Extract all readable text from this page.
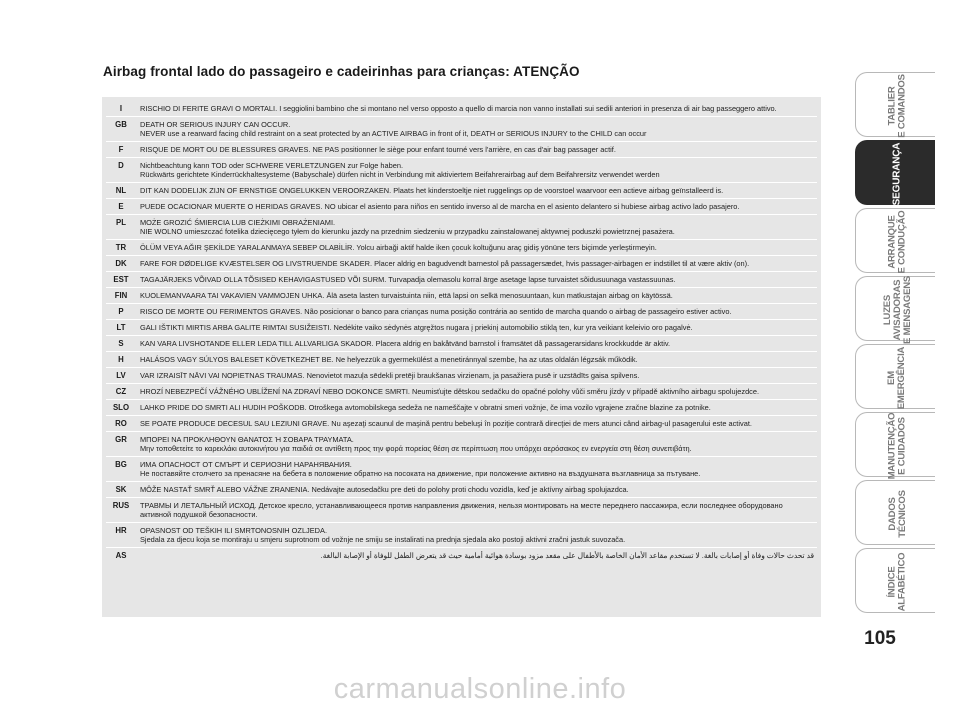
Airbag frontal lado do passageiro e cadeirinhas para crianças: ATENÇÃO
I	RISCHIO DI FERITE GRAVI O MORTALI. I seggiolini bambino che si montano nel verso opposto a quello di marcia non vanno installati sui sedili anteriori in presenza di air bag passeggero attivo.

GB	DEATH OR SERIOUS INJURY CAN OCCUR.
NEVER use a rearward facing child restraint on a seat protected by an ACTIVE AIRBAG in front of it, DEATH or SERIOUS INJURY to the CHILD can occur

F	RISQUE DE MORT OU DE BLESSURES GRAVES. NE PAS positionner le siège pour enfant tourné vers l'arrière, en cas d'air bag passager actif.

D	Nichtbeachtung kann TOD oder SCHWERE VERLETZUNGEN zur Folge haben.
Rückwärts gerichtete Kinderrückhaltesysteme (Babyschale) dürfen nicht in Verbindung mit aktiviertem Beifahrerairbag auf dem Beifahrersitz verwendet werden

NL	DIT KAN DODELIJK ZIJN OF ERNSTIGE ONGELUKKEN VEROORZAKEN. Plaats het kinderstoeltje niet ruggelings op de voorstoel waarvoor een actieve airbag geïnstalleerd is.

E	PUEDE OCACIONAR MUERTE O HERIDAS GRAVES. NO ubicar el asiento para niños en sentido inverso al de marcha en el asiento delantero si hubiese airbag activo lado pasajero.

PL	MOŻE GROZIĆ ŚMIERCIA LUB CIEŻKIMI OBRAŻENIAMI.
NIE WOLNO umieszczać fotelika dziecięcego tyłem do kierunku jazdy na przednim siedzeniu w przypadku zainstalowanej aktywnej poduszki powietrznej pasażera.

TR	ÖLÜM VEYA AĞIR ŞEKİLDE YARALANMAYA SEBEP OLABİLİR. Yolcu airbaği aktif halde iken çocuk koltuğunu araç gidiş yönüne ters biçimde yerleştirmeyin.

DK	FARE FOR DØDELIGE KVÆSTELSER OG LIVSTRUENDE SKADER. Placer aldrig en bagudvendt barnestol på passagersædet, hvis passager-airbagen er indstillet til at være aktiv (on).

EST	TAGAJÄRJEKS VÕIVAD OLLA TÕSISED KEHAVIGASTUSED VÕI SURM. Turvapadja olemasolu korral ärge asetage lapse turvaistet sõidusuunaga vastassuunas.

FIN	KUOLEMANVAARA TAI VAKAVIEN VAMMOJEN UHKA. Älä aseta lasten turvaistuinta niin, että lapsi on selkä menosuuntaan, kun matkustajan airbag on käytössä.

P	RISCO DE MORTE OU FERIMENTOS GRAVES. Não posicionar o banco para crianças numa posição contrária ao sentido de marcha quando o airbag de passageiro estiver activo.

LT	GALI IŠTIKTI MIRTIS ARBA GALITE RIMTAI SUSIŽEISTI. Nedėkite vaiko sėdynės atgręžtos nugara į priekinį automobilio stiklą ten, kur yra veikiant keleivio oro pagalvė.

S	KAN VARA LIVSHOTANDE ELLER LEDA TILL ALLVARLIGA SKADOR. Placera aldrig en bakåtvänd barnstol i framsätet då passagerarsidans krockkudde är aktiv.

H	HALÁSOS VAGY SÚLYOS BALESET KÖVETKEZHET BE. Ne helyezzük a gyermekülést a menetiránnyal szembe, ha az utas oldalán légzsák működik.

LV	VAR IZRAISĪT NĀVI VAI NOPIETNAS TRAUMAS. Nenovietot mazuļa sēdekli pretēji braukšanas virzienam, ja pasažiera pusē ir uzstādīts gaisa spilvens.

CZ	HROZÍ NEBEZPEČÍ VÁŽNÉHO UBLÍŽENÍ NA ZDRAVÍ NEBO DOKONCE SMRTI. Neumisťujte dětskou sedačku do opačné polohy vůči směru jízdy v případě aktivního airbagu spolujezdce.

SLO	LAHKO PRIDE DO SMRTI ALI HUDIH POŠKODB. Otroškega avtomobilskega sedeža ne nameščajte v obratni smeri vožnje, če ima vozilo vgrajene zračne blazine za potnike.

RO	SE POATE PRODUCE DECESUL SAU LEZIUNI GRAVE. Nu aşezaţi scaunul de maşină pentru bebeluşi în poziţie contrară direcţiei de mers atunci când airbag-ul pasagerului este activat.

GR	ΜΠΟΡΕΙ ΝΑ ΠΡΟΚΛΗΘΟΥΝ ΘΑΝΑΤΟΣ Ή ΣΟΒΑΡΑ ΤΡΑΥΜΑΤΑ.
Μην τοποθετείτε το καρεκλάκι αυτοκινήτου για παιδιά σε αντίθετη προς την φορά πορείας θέση σε περίπτωση που υπάρχει αερόσακος εν ενεργεία στη θέση συνεπιβάτη.

BG	ИМА ОПАСНОСТ ОТ СМЪРТ И СЕРИОЗНИ НАРАНЯВАНИЯ.
Не поставяйте столчето за пренасяне на бебета в положение обратно на посоката на движение, при положение активно на въздушната възглавница за пътуване.

SK	MÔŽE NASTAŤ SMRŤ ALEBO VÁŽNE ZRANENIA. Nedávajte autosedačku pre deti do polohy proti chodu vozidla, keď je aktívny airbag spolujazdca.

RUS	ТРАВМЫ И ЛЕТАЛЬНЫЙ ИСХОД. Детское кресло, устанавливающееся против направления движения, нельзя монтировать на месте переднего пассажира, если последнее оборудовано активной подушкой безопасности.

HR	OPASNOST OD TEŠKIH ILI SMRTONOSNIH OZLJEDA.
Sjedala za djecu koja se montiraju u smjeru suprotnom od vožnje ne smiju se instalirati na prednja sjedala ako postoji aktivni zračni jastuk suvozača.

AS	قد تحدث حالات وفاة أو إصابات بالغة. لا تستخدم مقاعد الأمان الخاصة بالأطفال على مقعد مزود بوسادة هوائية أمامية حيث قد يتعرض الطفل للوفاة أو الإصابة البالغة.
TABLIER
E COMANDOS
SEGURANÇA
ARRANQUE
E CONDUÇÃO
LUZES
AVISADORAS
E MENSAGENS
EM
EMERGÊNCIA
MANUTENÇÃO
E CUIDADOS
DADOS
TÉCNICOS
ÍNDICE
ALFABÉTICO

105

carmanualsonline.info
